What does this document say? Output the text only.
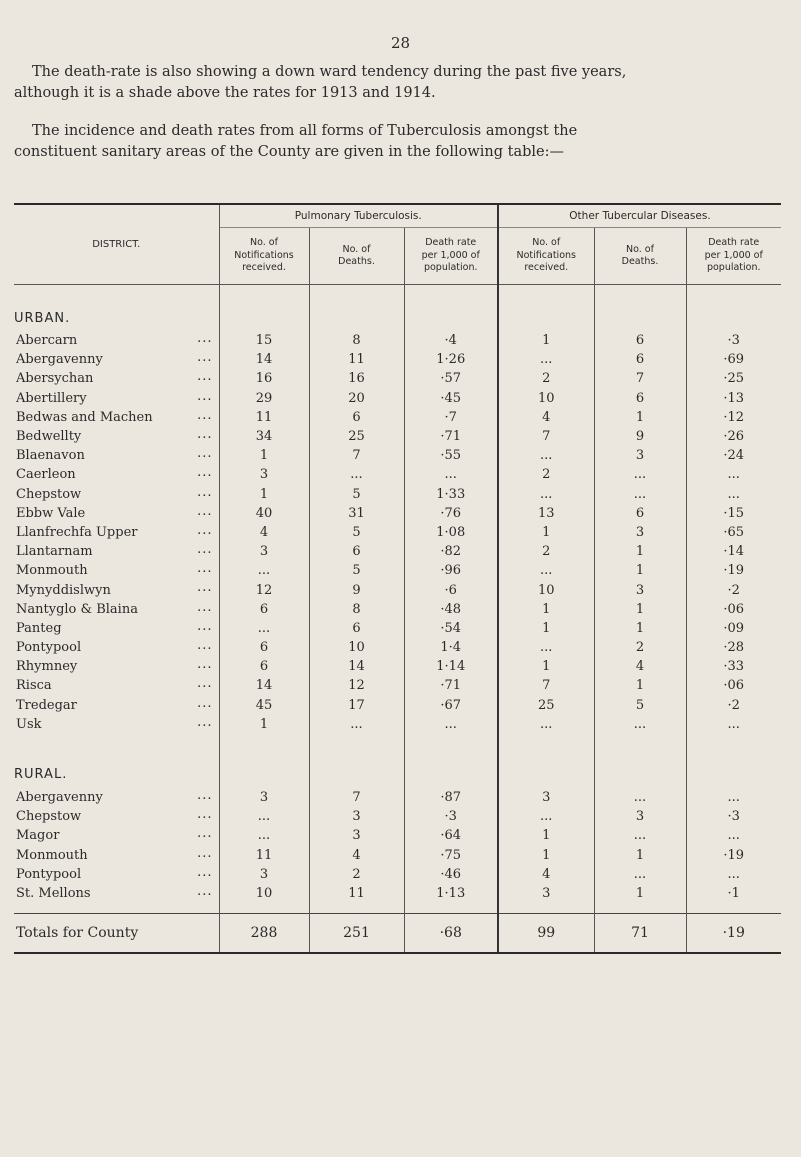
28

The death-rate is also showing a down ward tendency during the past five years,

although it is a shade above the rates for 1913 and 1914.

The incidence and death rates from all forms of Tuberculosis amongst the

constituent sanitary areas of the County are given in the following table:—

DISTRICT.	Pulmonary Tuberculosis.			Other Tubercular Diseases.		
	No. of
Notifications
received.	No. of
Deaths.	Death rate
per 1,000 of
population.	No. of
Notifications
received.	No. of
Deaths.	Death rate
per 1,000 of
population.

URBAN.						
Abercarn ...	15	8	·4	1	6	·3
Abergavenny ...	14	11	1·26	...	6	·69
Abersychan ...	16	16	·57	2	7	·25
Abertillery ...	29	20	·45	10	6	·13
Bedwas and Machen ...	11	6	·7	4	1	·12
Bedwellty ...	34	25	·71	7	9	·26
Blaenavon ...	1	7	·55	...	3	·24
Caerleon ...	3	...	...	2	...	...
Chepstow ...	1	5	1·33	...	...	...
Ebbw Vale ...	40	31	·76	13	6	·15
Llanfrechfa Upper ...	4	5	1·08	1	3	·65
Llantarnam ...	3	6	·82	2	1	·14
Monmouth ...	...	5	·96	...	1	·19
Mynyddislwyn ...	12	9	·6	10	3	·2
Nantyglo & Blaina ...	6	8	·48	1	1	·06
Panteg ...	...	6	·54	1	1	·09
Pontypool ...	6	10	1·4	...	2	·28
Rhymney ...	6	14	1·14	1	4	·33
Risca ...	14	12	·71	7	1	·06
Tredegar ...	45	17	·67	25	5	·2
Usk ...	1	...	...	...	...	...

RURAL.						
Abergavenny ...	3	7	·87	3	...	...
Chepstow ...	...	3	·3	...	3	·3
Magor ...	...	3	·64	1	...	...
Monmouth ...	11	4	·75	1	1	·19
Pontypool ...	3	2	·46	4	...	...
St. Mellons ...	10	11	1·13	3	1	·1

Totals for County	288	251	·68	99	71	·19
